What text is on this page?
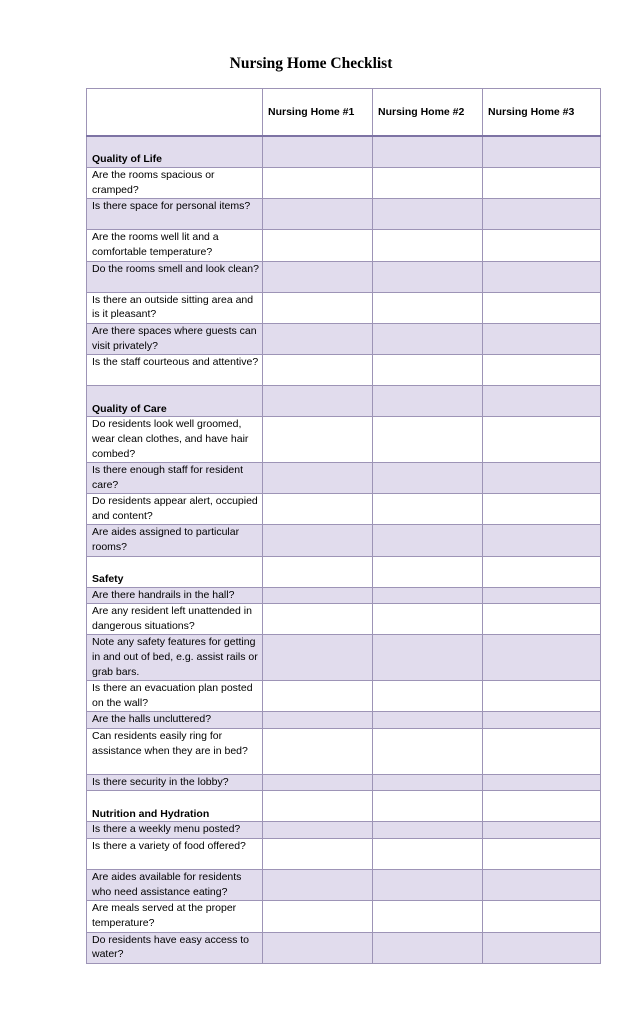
Nursing Home Checklist
	Nursing Home #1	Nursing Home #2	Nursing Home #3
Quality of Life			
Are the rooms spacious or cramped?			
Is there space for personal items?			
Are the rooms well lit and a comfortable temperature?			
Do the rooms smell and look clean?			
Is there an outside sitting area and is it pleasant?			
Are there spaces where guests can visit privately?			
Is the staff courteous and attentive?			
Quality of Care			
Do residents look well groomed, wear clean clothes, and have hair combed?			
Is there enough staff for resident care?			
Do residents appear alert, occupied and content?			
Are aides assigned to particular rooms?			
Safety			
Are there handrails in the hall?			
Are any resident left unattended in dangerous situations?			
Note any safety features for getting in and out of bed, e.g. assist rails or grab bars.			
Is there an evacuation plan posted on the wall?			
Are the halls uncluttered?			
Can residents easily ring for assistance when they are in bed?			
Is there security in the lobby?			
Nutrition and Hydration			
Is there a weekly menu posted?			
Is there a variety of food offered?			
Are aides available for residents who need assistance eating?			
Are meals served at the proper temperature?			
Do residents have easy access to water?			
